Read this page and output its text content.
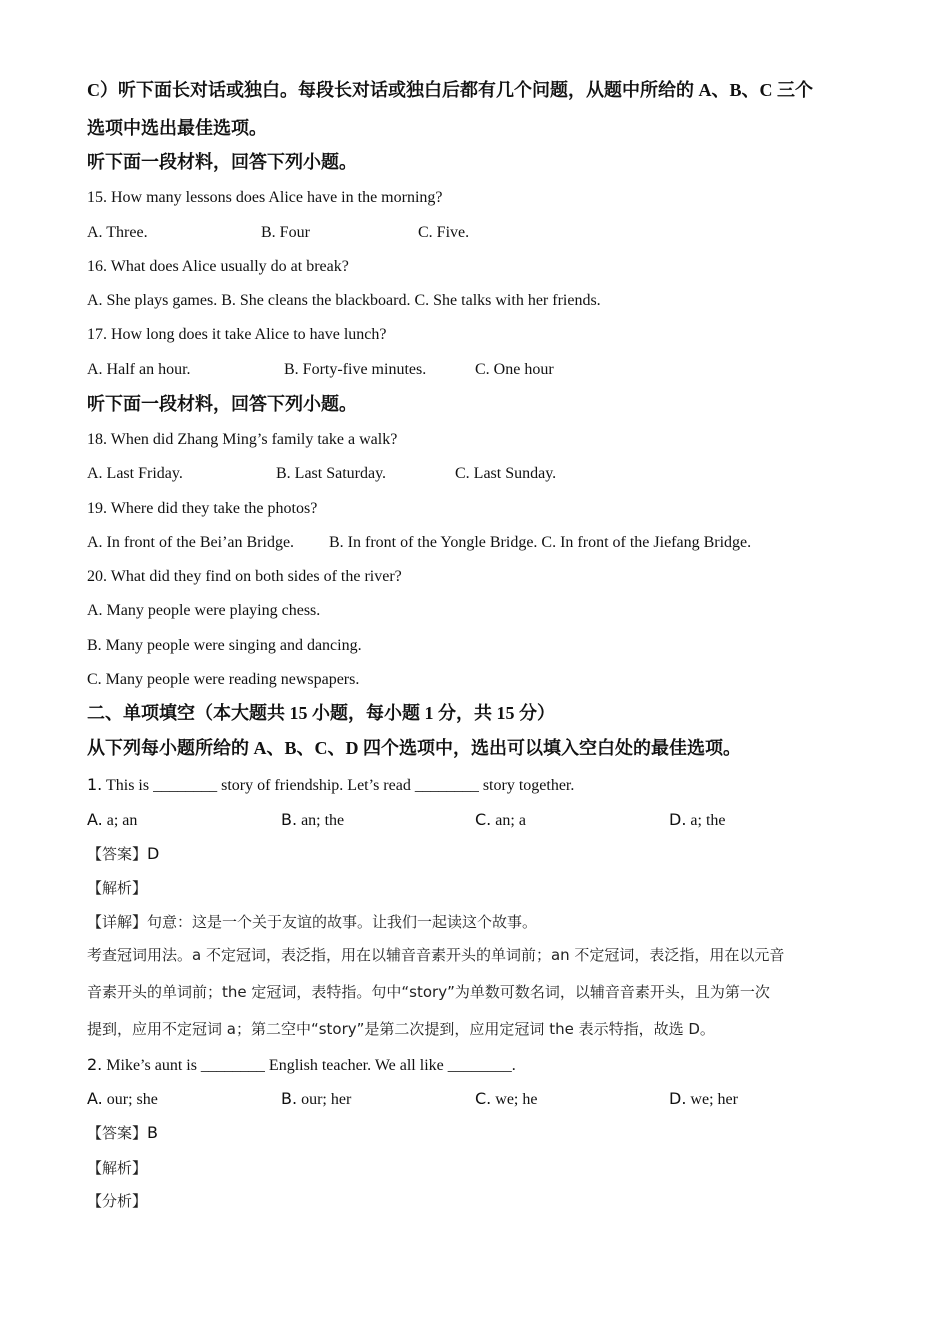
C）听下面长对话或独白。每段长对话或独白后都有几个问题，从题中所给的 A、B、C 三个
选项中选出最佳选项。
听下面一段材料，回答下列小题。
15. How many lessons does Alice have in the morning?
A. Three.	B. Four	C. Five.
16. What does Alice usually do at break?
A. She plays games. B. She cleans the blackboard. C. She talks with her friends.
17. How long does it take Alice to have lunch?
A. Half an hour.	B. Forty-five minutes.	C. One hour
听下面一段材料，回答下列小题。
18. When did Zhang Ming’s family take a walk?
A. Last Friday.	B. Last Saturday.	C. Last Sunday.
19. Where did they take the photos?
A. In front of the Bei’an Bridge. B. In front of the Yongle Bridge. C. In front of the Jiefang Bridge.
20. What did they find on both sides of the river?
A. Many people were playing chess.
B. Many people were singing and dancing.
C. Many people were reading newspapers.
二、单项填空（本大题共 15 小题，每小题 1 分，共 15 分）
从下列每小题所给的 A、B、C、D 四个选项中，选出可以填入空白处的最佳选项。
1. This is ________ story of friendship. Let’s read ________ story together.
A. a; an	B. an; the	C. an; a	D. a; the
【答案】D
【解析】
【详解】句意：这是一个关于友谊的故事。让我们一起读这个故事。
考查冠词用法。a 不定冠词，表泛指，用在以辅音音素开头的单词前；an 不定冠词，表泛指，用在以元音
音素开头的单词前；the 定冠词，表特指。句中“story”为单数可数名词，以辅音音素开头，且为第一次
提到，应用不定冠词 a；第二空中“story”是第二次提到，应用定冠词 the 表示特指，故选 D。
2. Mike’s aunt is ________ English teacher. We all like ________.
A. our; she	B. our; her	C. we; he	D. we; her
【答案】B
【解析】
【分析】
